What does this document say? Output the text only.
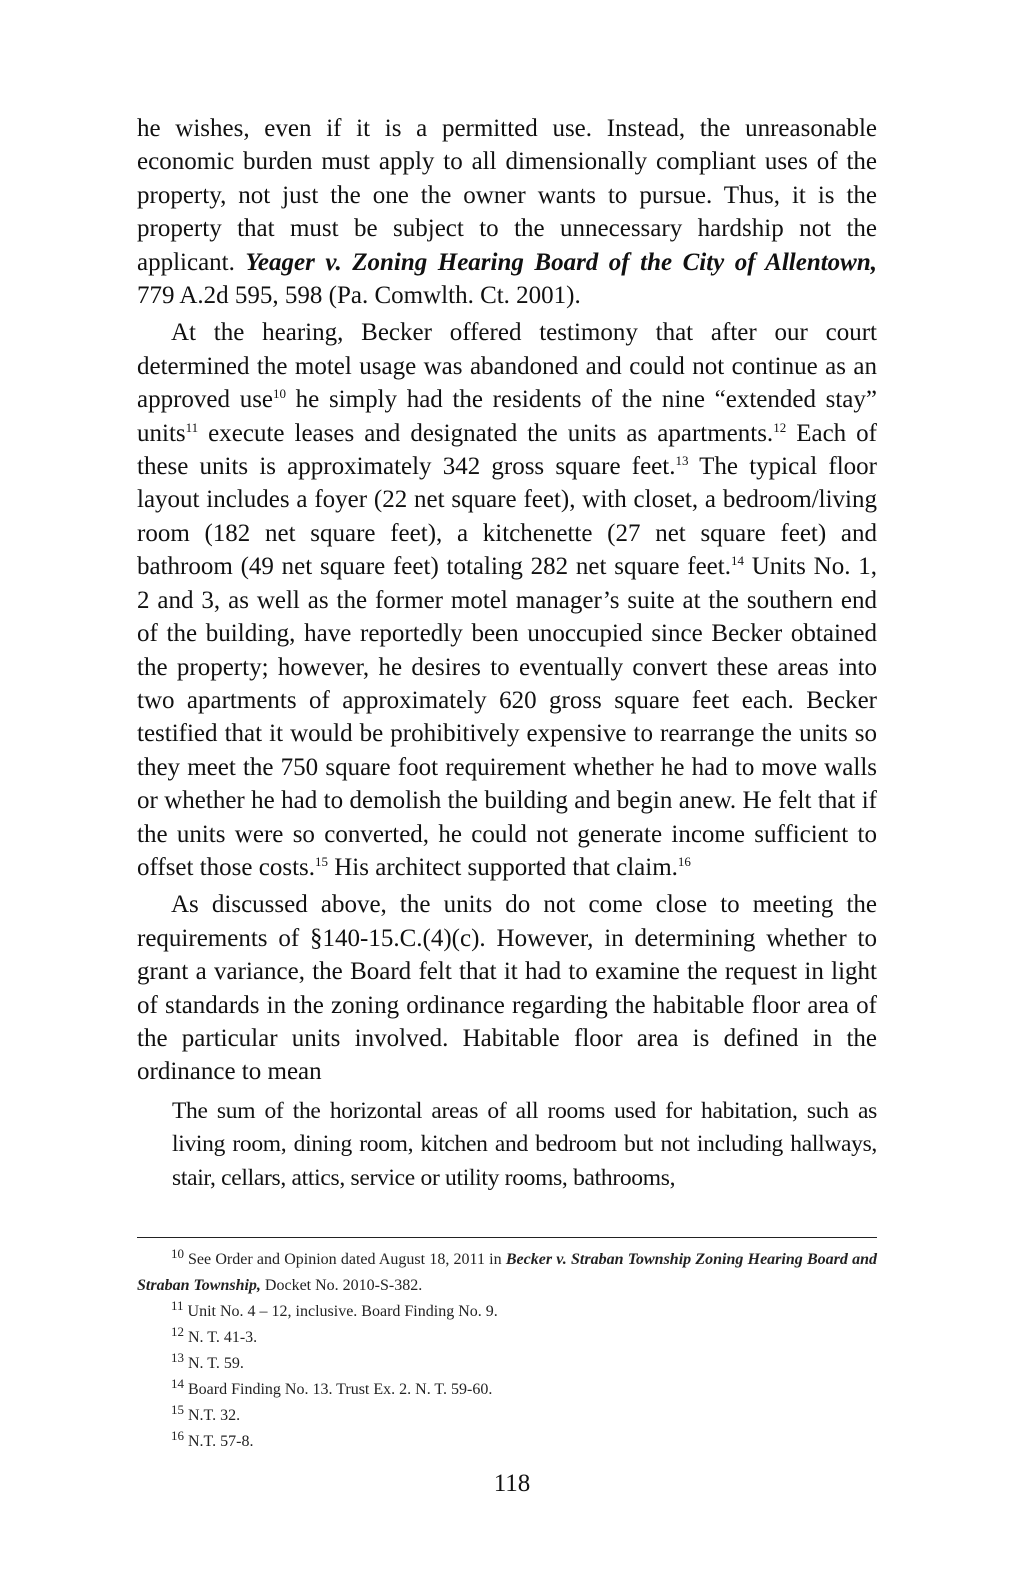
he wishes, even if it is a permitted use. Instead, the unreasonable economic burden must apply to all dimensionally compliant uses of the property, not just the one the owner wants to pursue. Thus, it is the property that must be subject to the unnecessary hardship not the applicant. Yeager v. Zoning Hearing Board of the City of Allentown, 779 A.2d 595, 598 (Pa. Comwlth. Ct. 2001).

At the hearing, Becker offered testimony that after our court determined the motel usage was abandoned and could not continue as an approved use$^{10}$ he simply had the residents of the nine “extended stay” units$^{11}$ execute leases and designated the units as apartments.$^{12}$ Each of these units is approximately 342 gross square feet.$^{13}$ The typical floor layout includes a foyer (22 net square feet), with closet, a bedroom/living room (182 net square feet), a kitchenette (27 net square feet) and bathroom (49 net square feet) totaling 282 net square feet.$^{14}$ Units No. 1, 2 and 3, as well as the former motel manager’s suite at the southern end of the building, have reportedly been unoccupied since Becker obtained the property; however, he desires to eventually convert these areas into two apartments of approximately 620 gross square feet each. Becker testified that it would be prohibitively expensive to rearrange the units so they meet the 750 square foot requirement whether he had to move walls or whether he had to demolish the building and begin anew. He felt that if the units were so converted, he could not generate income sufficient to offset those costs.$^{15}$ His architect supported that claim.$^{16}$

As discussed above, the units do not come close to meeting the requirements of §140-15.C.(4)(c). However, in determining whether to grant a variance, the Board felt that it had to examine the request in light of standards in the zoning ordinance regarding the habitable floor area of the particular units involved. Habitable floor area is defined in the ordinance to mean

The sum of the horizontal areas of all rooms used for habitation, such as living room, dining room, kitchen and bedroom but not including hallways, stair, cellars, attics, service or utility rooms, bathrooms,

$^{10}$ See Order and Opinion dated August 18, 2011 in Becker v. Straban Township Zoning Hearing Board and Straban Township, Docket No. 2010-S-382.

$^{11}$ Unit No. 4 – 12, inclusive. Board Finding No. 9.

$^{12}$ N. T. 41-3.

$^{13}$ N. T. 59.

$^{14}$ Board Finding No. 13. Trust Ex. 2. N. T. 59-60.

$^{15}$ N.T. 32.

$^{16}$ N.T. 57-8.

118
